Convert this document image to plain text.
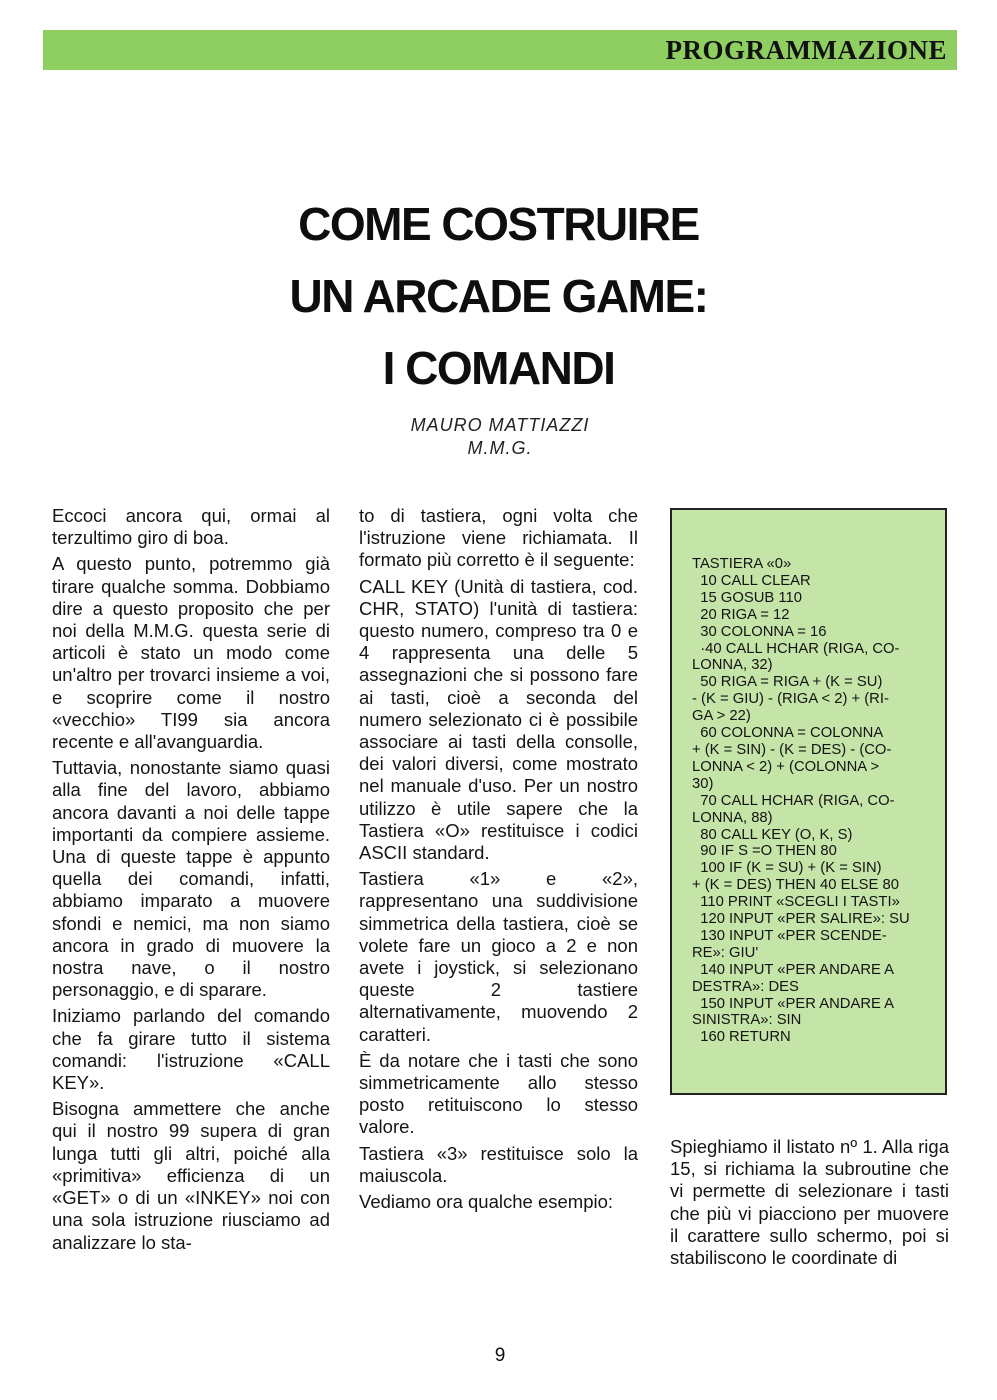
PROGRAMMAZIONE
COME COSTRUIRE
UN ARCADE GAME:
I COMANDI
MAURO MATTIAZZI
M.M.G.

Eccoci ancora qui, ormai al terzultimo giro di boa.

A questo punto, potremmo già tirare qualche somma. Dobbiamo dire a questo proposito che per noi della M.M.G. questa serie di articoli è stato un modo come un'altro per trovarci insieme a voi, e scoprire come il nostro «vecchio» TI99 sia ancora recente e all'avanguardia.

Tuttavia, nonostante siamo quasi alla fine del lavoro, abbiamo ancora davanti a noi delle tappe importanti da compiere assieme. Una di queste tappe è appunto quella dei comandi, infatti, abbiamo imparato a muovere sfondi e nemici, ma non siamo ancora in grado di muovere la nostra nave, o il nostro personaggio, e di sparare.

Iniziamo parlando del comando che fa girare tutto il sistema comandi: l'istruzione «CALL KEY».

Bisogna ammettere che anche qui il nostro 99 supera di gran lunga tutti gli altri, poiché alla «primitiva» efficienza di un «GET» o di un «INKEY» noi con una sola istruzione riusciamo ad analizzare lo sta-

to di tastiera, ogni volta che l'istruzione viene richiamata. Il formato più corretto è il seguente:

CALL KEY (Unità di tastiera, cod. CHR, STATO) l'unità di tastiera: questo numero, compreso tra 0 e 4 rappresenta una delle 5 assegnazioni che si possono fare ai tasti, cioè a seconda del numero selezionato ci è possibile associare ai tasti della consolle, dei valori diversi, come mostrato nel manuale d'uso. Per un nostro utilizzo è utile sapere che la Tastiera «O» restituisce i codici ASCII standard.

Tastiera «1» e «2», rappresentano una suddivisione simmetrica della tastiera, cioè se volete fare un gioco a 2 e non avete i joystick, si selezionano queste 2 tastiere alternativamente, muovendo 2 caratteri.

È da notare che i tasti che sono simmetricamente allo stesso posto retituiscono lo stesso valore.

Tastiera «3» restituisce solo la maiuscola.

Vediamo ora qualche esempio:

TASTIERA «0»
10 CALL CLEAR
15 GOSUB 110
20 RIGA = 12
30 COLONNA = 16
·40 CALL HCHAR (RIGA, CO-
LONNA, 32)
50 RIGA = RIGA + (K = SU)
- (K = GIU) - (RIGA < 2) + (RI-
GA > 22)
60 COLONNA = COLONNA
+ (K = SIN) - (K = DES) - (CO-
LONNA < 2) + (COLONNA >
30)
70 CALL HCHAR (RIGA, CO-
LONNA, 88)
80 CALL KEY (O, K, S)
90 IF S =O THEN 80
100 IF (K = SU) + (K = SIN)
+ (K = DES) THEN 40 ELSE 80
110 PRINT «SCEGLI I TASTI»
120 INPUT «PER SALIRE»: SU
130 INPUT «PER SCENDE-
RE»: GIU'
140 INPUT «PER ANDARE A
DESTRA»: DES
150 INPUT «PER ANDARE A
SINISTRA»: SIN
160 RETURN

Spieghiamo il listato nº 1. Alla riga 15, si richiama la subroutine che vi permette di selezionare i tasti che più vi piacciono per muovere il carattere sullo schermo, poi si stabiliscono le coordinate di

9
